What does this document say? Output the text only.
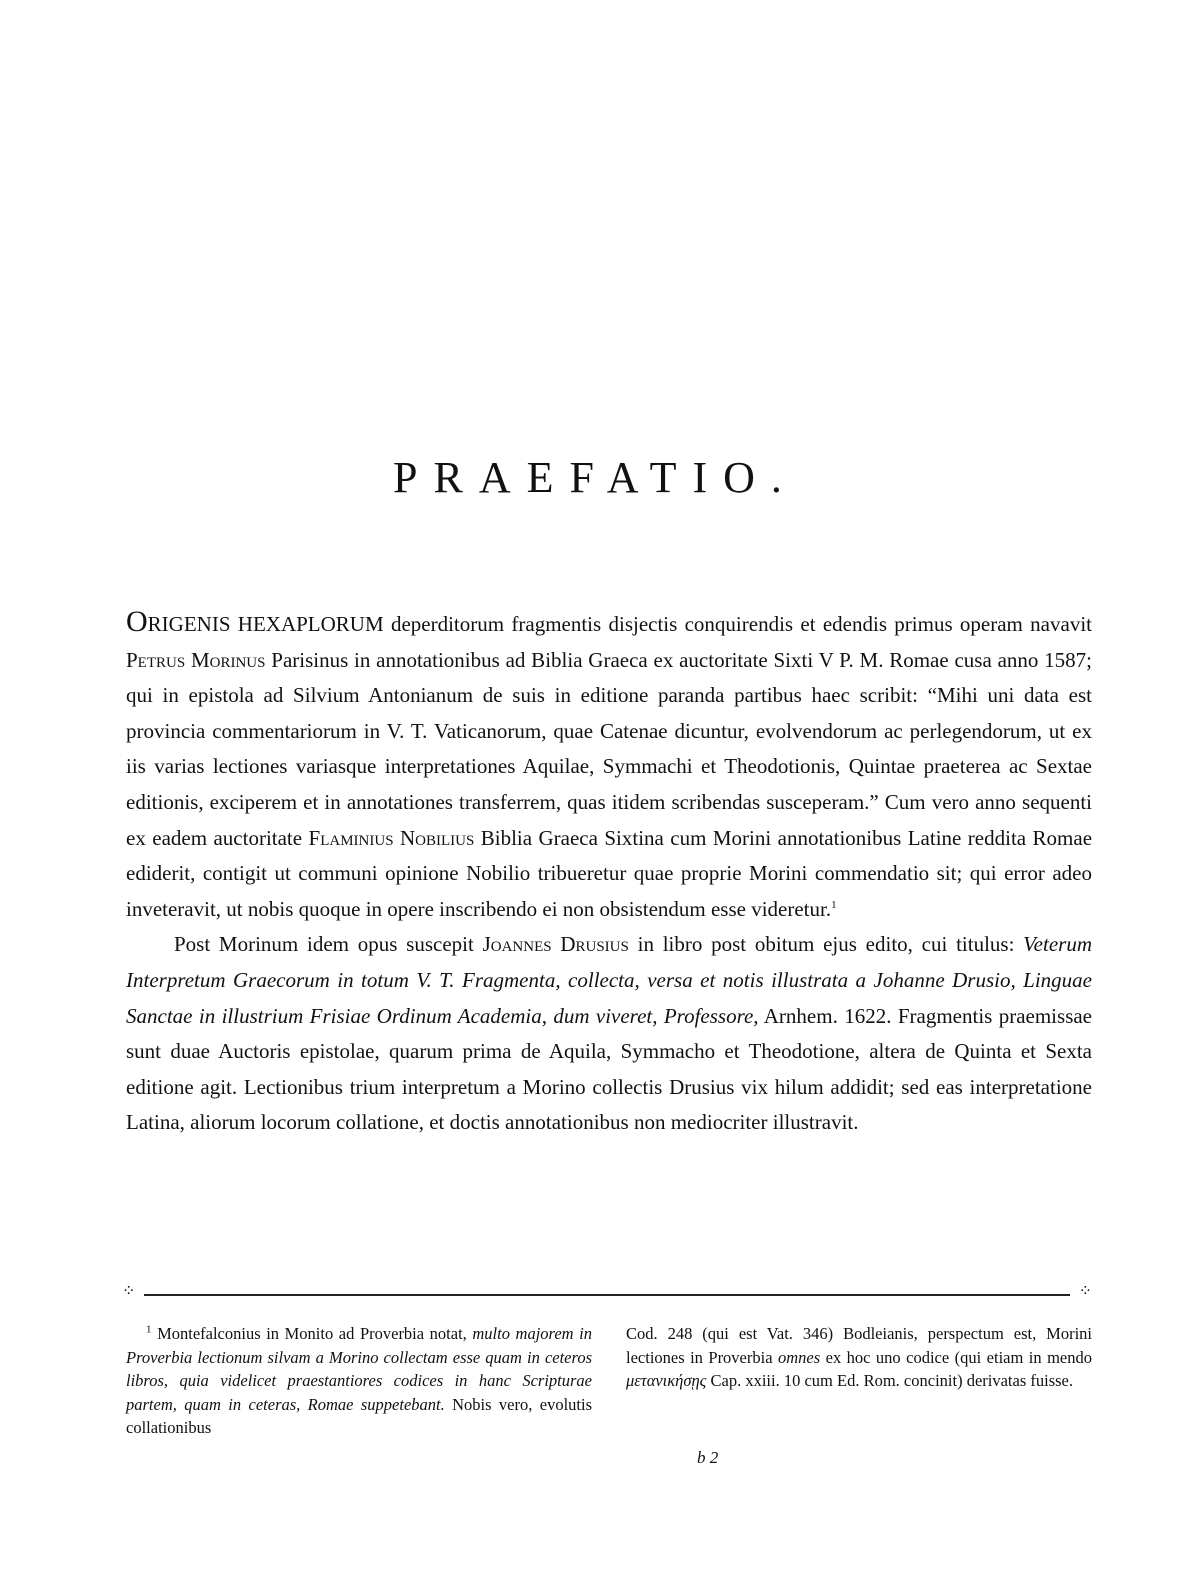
PRAEFATIO.

ORIGENIS HEXAPLORUM deperditorum fragmentis disjectis conquirendis et edendis primus operam navavit Petrus Morinus Parisinus in annotationibus ad Biblia Graeca ex auctoritate Sixti V P. M. Romae cusa anno 1587; qui in epistola ad Silvium Antonianum de suis in editione paranda partibus haec scribit: “Mihi uni data est provincia commentariorum in V. T. Vaticanorum, quae Catenae dicuntur, evolvendorum ac perlegendorum, ut ex iis varias lectiones variasque interpretationes Aquilae, Symmachi et Theodotionis, Quintae praeterea ac Sextae editionis, exciperem et in annotationes transferrem, quas itidem scribendas susceperam.” Cum vero anno sequenti ex eadem auctoritate Flaminius Nobilius Biblia Graeca Sixtina cum Morini annotationibus Latine reddita Romae ediderit, contigit ut communi opinione Nobilio tribueretur quae proprie Morini commendatio sit; qui error adeo inveteravit, ut nobis quoque in opere inscribendo ei non obsistendum esse videretur.$^1$

Post Morinum idem opus suscepit Joannes Drusius in libro post obitum ejus edito, cui titulus: Veterum Interpretum Graecorum in totum V. T. Fragmenta, collecta, versa et notis illustrata a Johanne Drusio, Linguae Sanctae in illustrium Frisiae Ordinum Academia, dum viveret, Professore, Arnhem. 1622. Fragmentis praemissae sunt duae Auctoris epistolae, quarum prima de Aquila, Symmacho et Theodotione, altera de Quinta et Sexta editione agit. Lectionibus trium interpretum a Morino collectis Drusius vix hilum addidit; sed eas interpretatione Latina, aliorum locorum collatione, et doctis annotationibus non mediocriter illustravit.

⁘	⁘

$^1$ Montefalconius in Monito ad Proverbia notat, multo majorem in Proverbia lectionum silvam a Morino collectam esse quam in ceteros libros, quia videlicet praestantiores codices in hanc Scripturae partem, quam in ceteras, Romae suppetebant. Nobis vero, evolutis collationibus

Cod. 248 (qui est Vat. 346) Bodleianis, perspectum est, Morini lectiones in Proverbia omnes ex hoc uno codice (qui etiam in mendo μετανικήσῃς Cap. xxiii. 10 cum Ed. Rom. concinit) derivatas fuisse.

b 2
